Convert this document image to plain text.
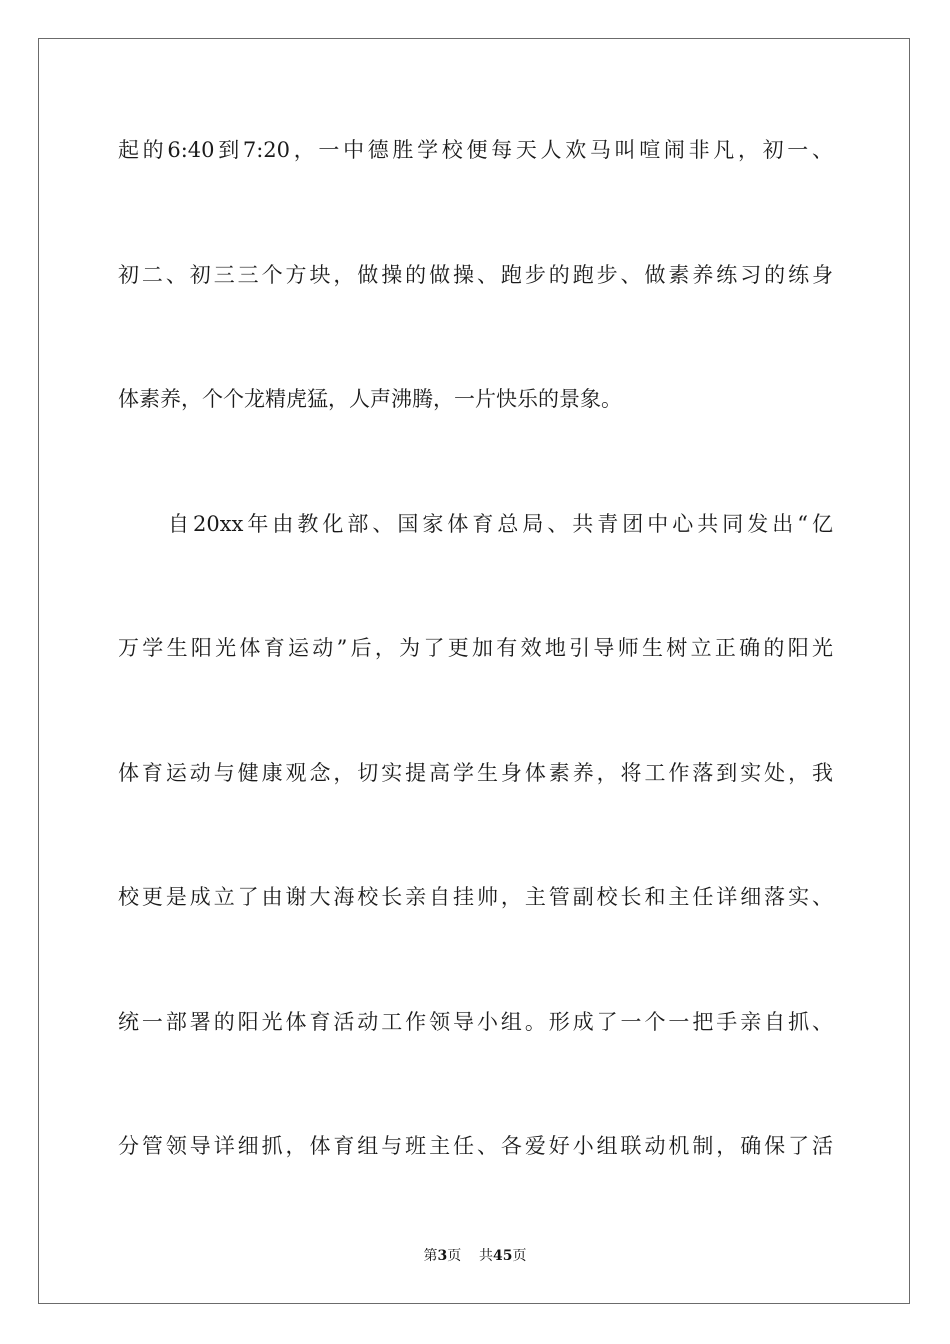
起的6:40到7:20，一中德胜学校便每天人欢马叫喧闹非凡，初一、
初二、初三三个方块，做操的做操、跑步的跑步、做素养练习的练身
体素养，个个龙精虎猛，人声沸腾，一片快乐的景象。
　　自20xx年由教化部、国家体育总局、共青团中心共同发出“亿
万学生阳光体育运动”后，为了更加有效地引导师生树立正确的阳光
体育运动与健康观念，切实提高学生身体素养，将工作落到实处，我
校更是成立了由谢大海校长亲自挂帅，主管副校长和主任详细落实、
统一部署的阳光体育活动工作领导小组。形成了一个一把手亲自抓、
分管领导详细抓，体育组与班主任、各爱好小组联动机制，确保了活
第3页 共45页
